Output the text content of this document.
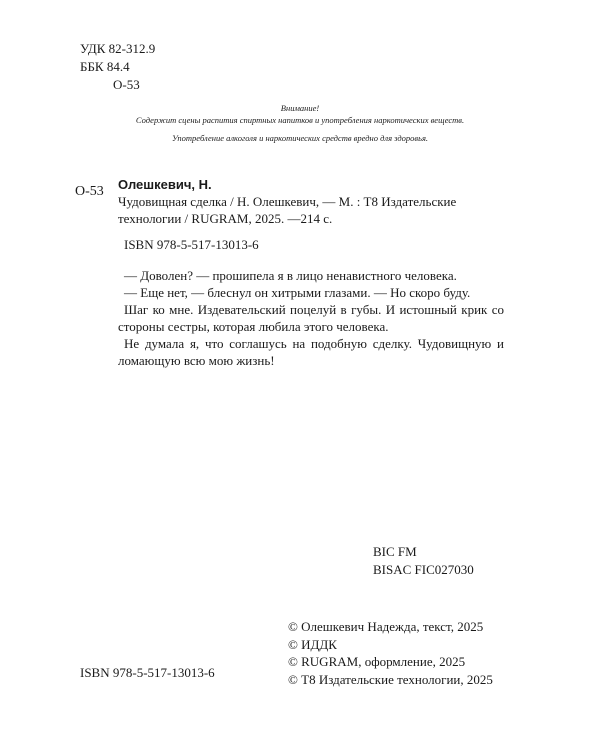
УДК 82-312.9
ББК 84.4
О-53
Внимание!
Содержит сцены распития спиртных напитков и употребления наркотических веществ.
Употребление алкоголя и наркотических средств вредно для здоровья.
О-53 Олешкевич, Н.
Чудовищная сделка / Н. Олешкевич, — М. : Т8 Издательские технологии / RUGRAM, 2025. —214 с.
ISBN 978-5-517-13013-6

— Доволен? — прошипела я в лицо ненавистного человека.

— Еще нет, — блеснул он хитрыми глазами. — Но скоро буду.

Шаг ко мне. Издевательский поцелуй в губы. И истошный крик со стороны сестры, которая любила этого человека.

Не думала я, что соглашусь на подобную сделку. Чудовищную и ломающую всю мою жизнь!

BIC FM
BISAC FIC027030
© Олешкевич Надежда, текст, 2025
© ИДДК
© RUGRAM, оформление, 2025
© Т8 Издательские технологии, 2025
ISBN 978-5-517-13013-6
